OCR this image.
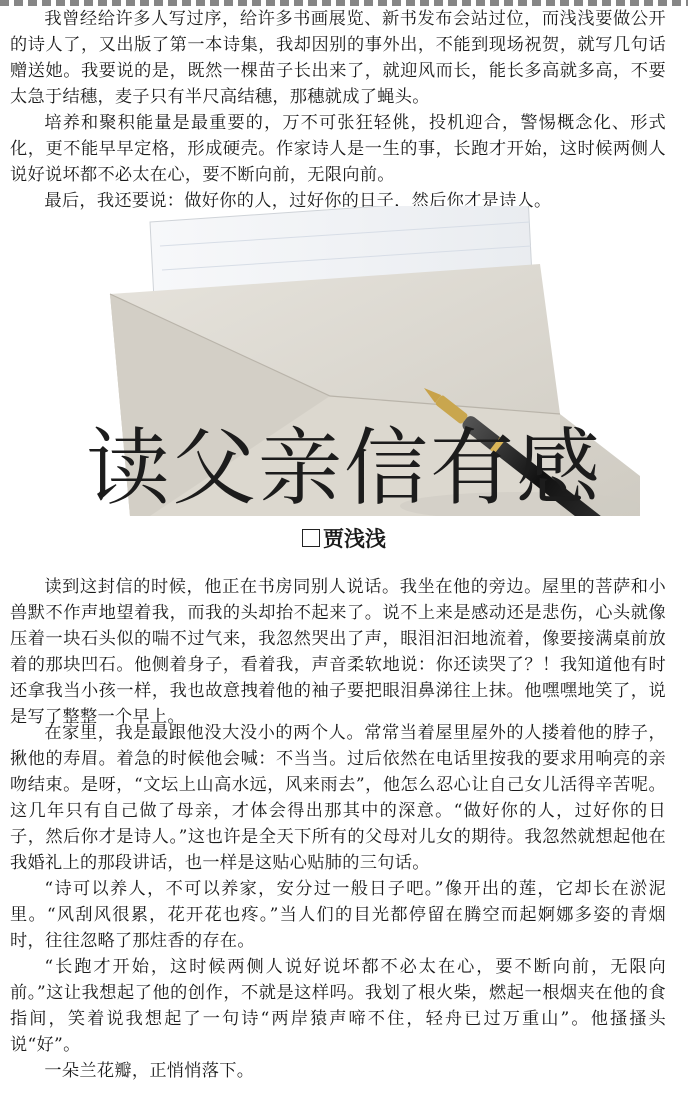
我曾经给许多人写过序，给许多书画展览、新书发布会站过位，而浅浅要做公开的诗人了，又出版了第一本诗集，我却因别的事外出，不能到现场祝贺，就写几句话赠送她。我要说的是，既然一棵苗子长出来了，就迎风而长，能长多高就多高，不要太急于结穗，麦子只有半尺高结穗，那穗就成了蝇头。

培养和聚积能量是最重要的，万不可张狂轻佻，投机迎合，警惕概念化、形式化，更不能早早定格，形成硬壳。作家诗人是一生的事，长跑才开始，这时候两侧人说好说坏都不必太在心，要不断向前，无限向前。

最后，我还要说：做好你的人，过好你的日子，然后你才是诗人。

读父亲信有感
贾浅浅

读到这封信的时候，他正在书房同别人说话。我坐在他的旁边。屋里的菩萨和小兽默不作声地望着我，而我的头却抬不起来了。说不上来是感动还是悲伤，心头就像压着一块石头似的喘不过气来，我忽然哭出了声，眼泪汩汩地流着，像要接满桌前放着的那块凹石。他侧着身子，看着我，声音柔软地说：你还读哭了？！我知道他有时还拿我当小孩一样，我也故意拽着他的袖子要把眼泪鼻涕往上抹。他嘿嘿地笑了，说是写了整整一个早上。

在家里，我是最跟他没大没小的两个人。常常当着屋里屋外的人搂着他的脖子，揪他的寿眉。着急的时候他会喊：不当当。过后依然在电话里按我的要求用响亮的亲吻结束。是呀，“文坛上山高水远，风来雨去”，他怎么忍心让自己女儿活得辛苦呢。这几年只有自己做了母亲，才体会得出那其中的深意。“做好你的人，过好你的日子，然后你才是诗人。”这也许是全天下所有的父母对儿女的期待。我忽然就想起他在我婚礼上的那段讲话，也一样是这贴心贴肺的三句话。

“诗可以养人，不可以养家，安分过一般日子吧。”像开出的莲，它却长在淤泥里。“风刮风很累，花开花也疼。”当人们的目光都停留在腾空而起婀娜多姿的青烟时，往往忽略了那炷香的存在。

“长跑才开始，这时候两侧人说好说坏都不必太在心，要不断向前，无限向前。”这让我想起了他的创作，不就是这样吗。我划了根火柴，燃起一根烟夹在他的食指间，笑着说我想起了一句诗“两岸猿声啼不住，轻舟已过万重山”。他搔搔头说“好”。

一朵兰花瓣，正悄悄落下。
